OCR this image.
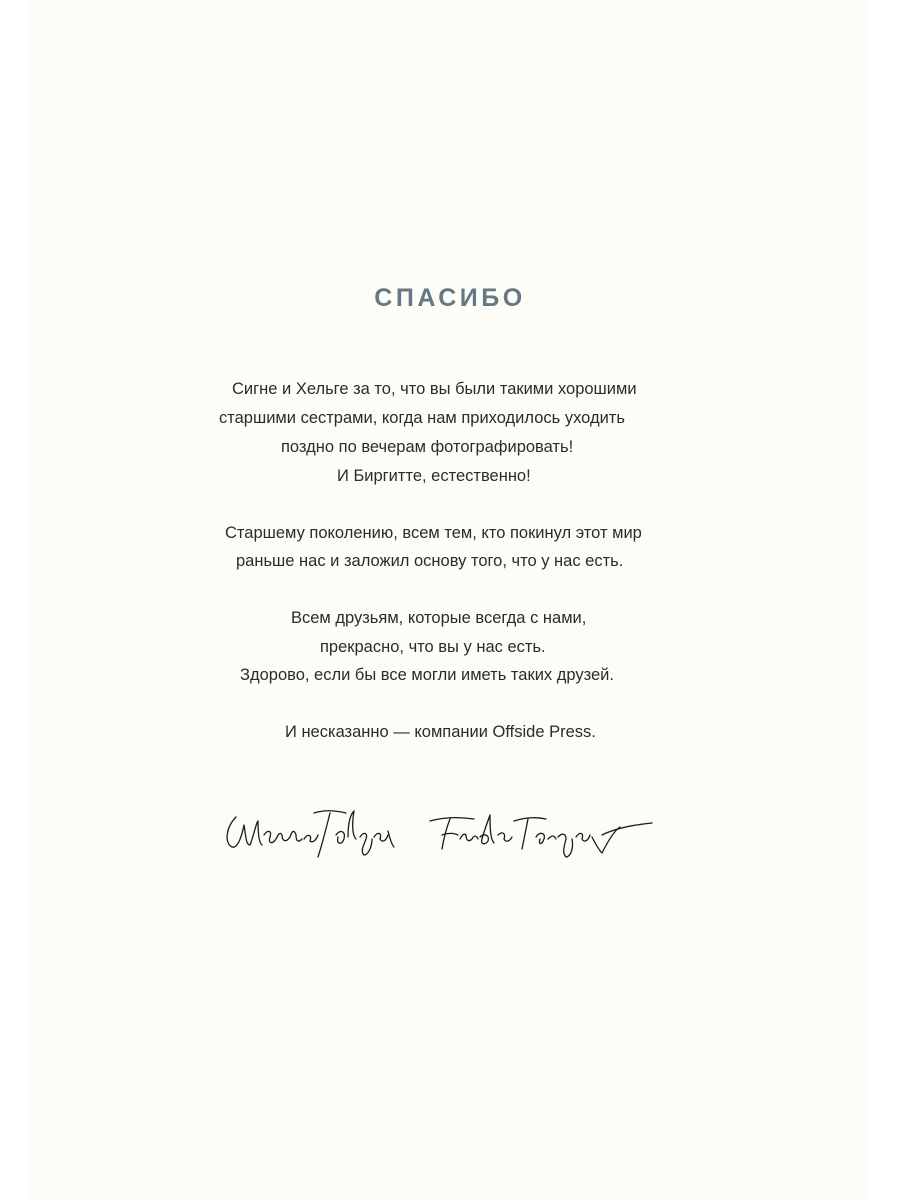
СПАСИБО
Сигне и Хельге за то, что вы были такими хорошими
старшими сестрами, когда нам приходилось уходить
поздно по вечерам фотографировать!
И Биргитте, естественно!
Старшему поколению, всем тем, кто покинул этот мир
раньше нас и заложил основу того, что у нас есть.
Всем друзьям, которые всегда с нами,
прекрасно, что вы у нас есть.
Здорово, если бы все могли иметь таких друзей.
И несказанно — компании Offside Press.
